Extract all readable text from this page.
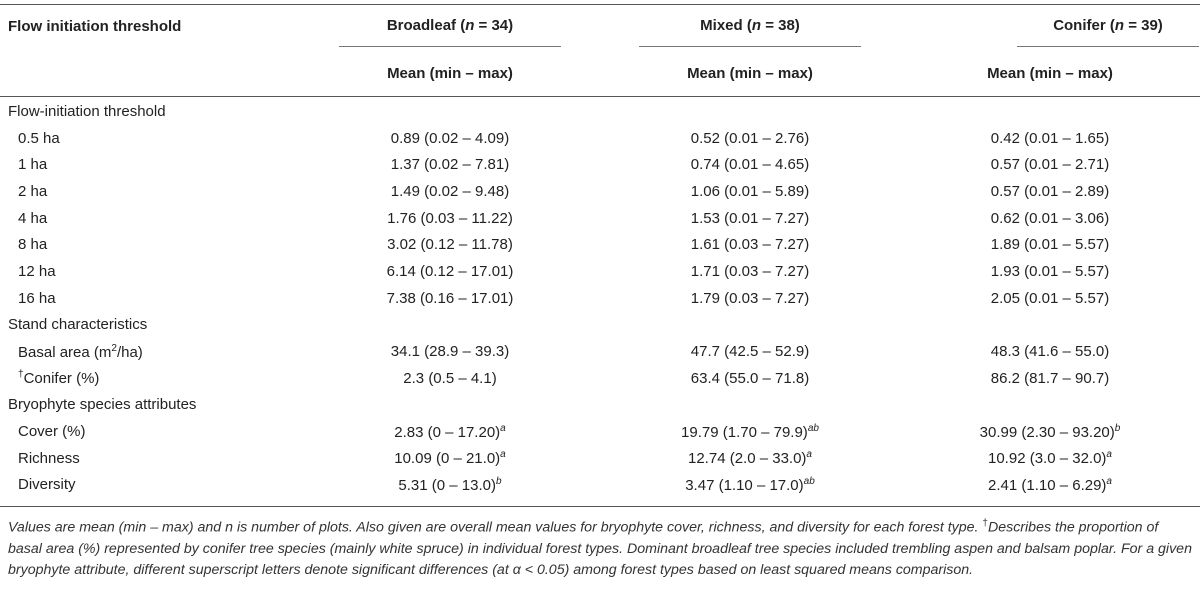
Flow initiation threshold	Broadleaf (n = 34)	Mixed (n = 38)	Conifer (n = 39)

	Mean (min – max)	Mean (min – max)	Mean (min – max)
Flow-initiation threshold			
0.5 ha	0.89 (0.02 – 4.09)	0.52 (0.01 – 2.76)	0.42 (0.01 – 1.65)
1 ha	1.37 (0.02 – 7.81)	0.74 (0.01 – 4.65)	0.57 (0.01 – 2.71)
2 ha	1.49 (0.02 – 9.48)	1.06 (0.01 – 5.89)	0.57 (0.01 – 2.89)
4 ha	1.76 (0.03 – 11.22)	1.53 (0.01 – 7.27)	0.62 (0.01 – 3.06)
8 ha	3.02 (0.12 – 11.78)	1.61 (0.03 – 7.27)	1.89 (0.01 – 5.57)
12 ha	6.14 (0.12 – 17.01)	1.71 (0.03 – 7.27)	1.93 (0.01 – 5.57)
16 ha	7.38 (0.16 – 17.01)	1.79 (0.03 – 7.27)	2.05 (0.01 – 5.57)
Stand characteristics			
Basal area $(m^2/ha)$	34.1 (28.9 – 39.3)	47.7 (42.5 – 52.9)	48.3 (41.6 – 55.0)
†Conifer (%)	2.3 (0.5 – 4.1)	63.4 (55.0 – 71.8)	86.2 (81.7 – 90.7)
Bryophyte species attributes			
Cover (%)	2.83 (0 – 17.20)$^a$	19.79 (1.70 – 79.9)$^{ab}$	30.99 (2.30 – 93.20)$^b$
Richness	10.09 (0 – 21.0)$^a$	12.74 (2.0 – 33.0)$^a$	10.92 (3.0 – 32.0)$^a$
Diversity	5.31 (0 – 13.0)$^b$	3.47 (1.10 – 17.0)$^{ab}$	2.41 (1.10 – 6.29)$^a$
Values are mean (min – max) and n is number of plots. Also given are overall mean values for bryophyte cover, richness, and diversity for each forest type. †Describes the proportion of basal area (%) represented by conifer tree species (mainly white spruce) in individual forest types. Dominant broadleaf tree species included trembling aspen and balsam poplar. For a given bryophyte attribute, different superscript letters denote significant differences (at α < 0.05) among forest types based on least squared means comparison.
